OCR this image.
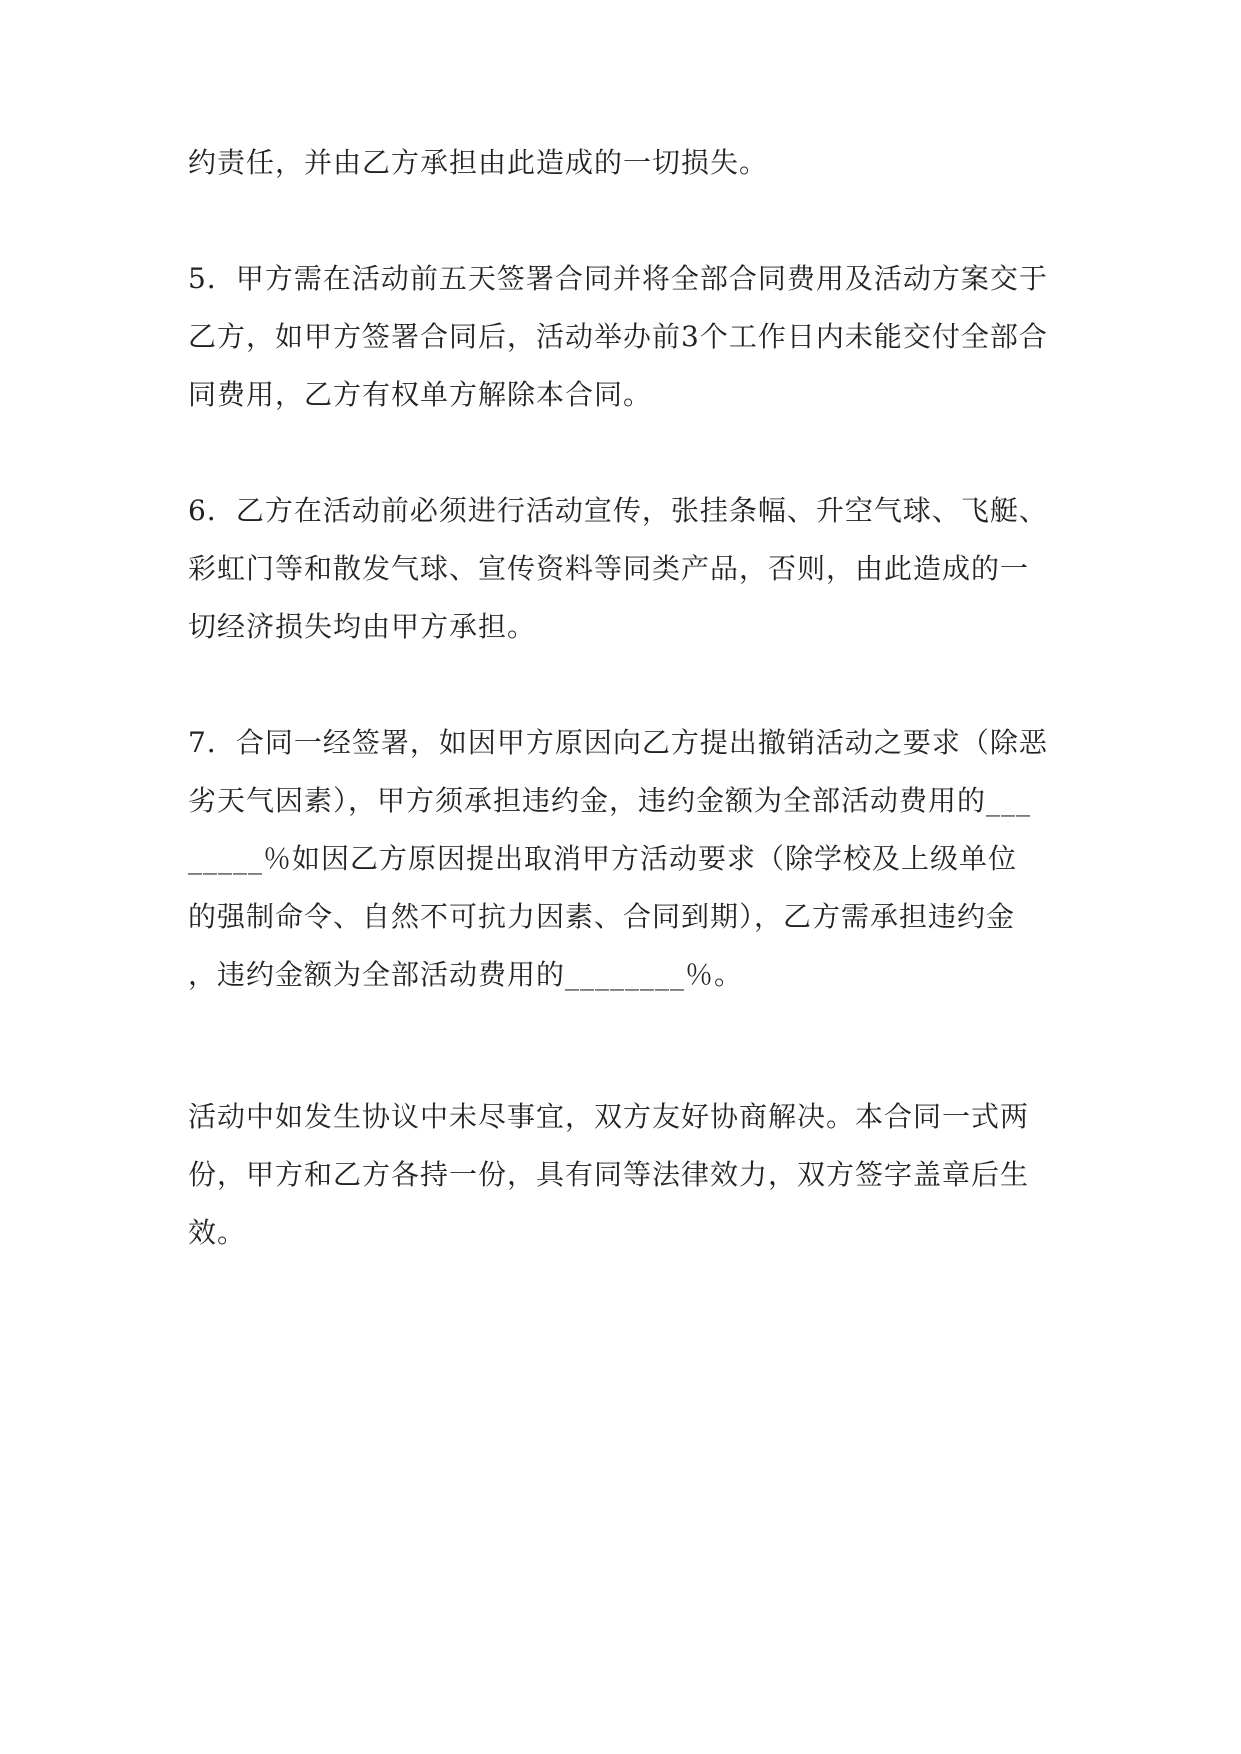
约责任，并由乙方承担由此造成的一切损失。
5．甲方需在活动前五天签署合同并将全部合同费用及活动方案交于
乙方，如甲方签署合同后，活动举办前3个工作日内未能交付全部合
同费用，乙方有权单方解除本合同。
6．乙方在活动前必须进行活动宣传，张挂条幅、升空气球、飞艇、
彩虹门等和散发气球、宣传资料等同类产品，否则，由此造成的一
切经济损失均由甲方承担。
7．合同一经签署，如因甲方原因向乙方提出撤销活动之要求（除恶
劣天气因素），甲方须承担违约金，违约金额为全部活动费用的___
_____％如因乙方原因提出取消甲方活动要求（除学校及上级单位
的强制命令、自然不可抗力因素、合同到期），乙方需承担违约金
，违约金额为全部活动费用的________％。
活动中如发生协议中未尽事宜，双方友好协商解决。本合同一式两
份，甲方和乙方各持一份，具有同等法律效力，双方签字盖章后生
效。
